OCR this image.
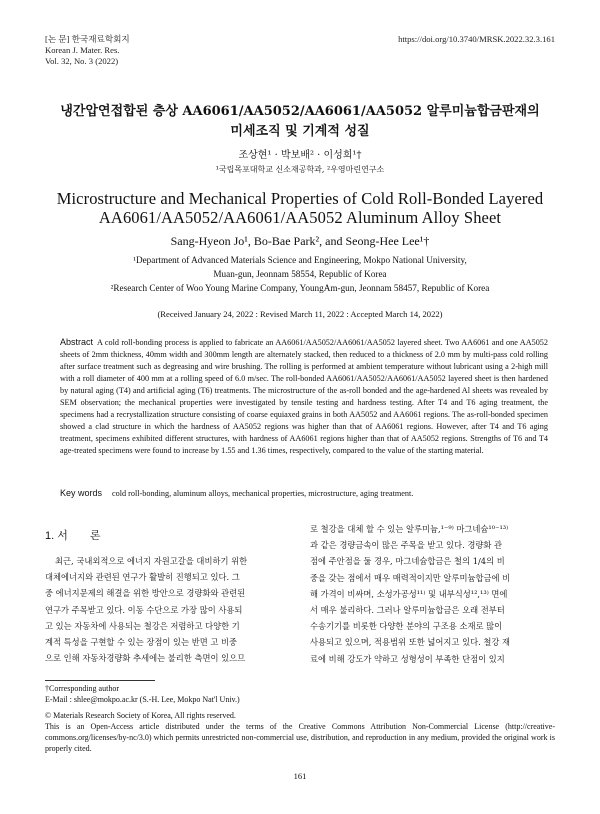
[논 문] 한국재료학회지
Korean J. Mater. Res.
Vol. 32, No. 3 (2022)
https://doi.org/10.3740/MRSK.2022.32.3.161
냉간압연접합된 층상 AA6061/AA5052/AA6061/AA5052 알루미늄합금판재의
미세조직 및 기계적 성질
조상현¹ · 박보배² · 이성희¹†
¹국립목포대학교 신소재공학과, ²우영마린연구소
Microstructure and Mechanical Properties of Cold Roll-Bonded Layered
AA6061/AA5052/AA6061/AA5052 Aluminum Alloy Sheet
Sang-Hyeon Jo¹, Bo-Bae Park², and Seong-Hee Lee¹†
¹Department of Advanced Materials Science and Engineering, Mokpo National University,
Muan-gun, Jeonnam 58554, Republic of Korea
²Research Center of Woo Young Marine Company, YoungAm-gun, Jeonnam 58457, Republic of Korea
(Received January 24, 2022 : Revised March 11, 2022 : Accepted March 14, 2022)
Abstract A cold roll-bonding process is applied to fabricate an AA6061/AA5052/AA6061/AA5052 layered sheet. Two AA6061 and one AA5052 sheets of 2mm thickness, 40mm width and 300mm length are alternately stacked, then reduced to a thickness of 2.0 mm by multi-pass cold rolling after surface treatment such as degreasing and wire brushing. The rolling is performed at ambient temperature without lubricant using a 2-high mill with a roll diameter of 400 mm at a rolling speed of 6.0 m/sec. The roll-bonded AA6061/AA5052/AA6061/AA5052 layered sheet is then hardened by natural aging (T4) and artificial aging (T6) treatments. The microstructure of the as-roll bonded and the age-hardened Al sheets was revealed by SEM observation; the mechanical properties were investigated by tensile testing and hardness testing. After T4 and T6 aging treatment, the specimens had a recrystallization structure consisting of coarse equiaxed grains in both AA5052 and AA6061 regions. The as-roll-bonded specimen showed a clad structure in which the hardness of AA5052 regions was higher than that of AA6061 regions. However, after T4 and T6 aging treatment, specimens exhibited different structures, with hardness of AA6061 regions higher than that of AA5052 regions. Strengths of T6 and T4 age-treated specimens were found to increase by 1.55 and 1.36 times, respectively, compared to the value of the starting material.
Key words cold roll-bonding, aluminum alloys, mechanical properties, microstructure, aging treatment.
1. 서　　론
최근, 국내외적으로 에너지 자원고갈을 대비하기 위한
대체에너지와 관련된 연구가 활발히 진행되고 있다. 그
중 에너지문제의 해결을 위한 방안으로 경량화와 관련된
연구가 주목받고 있다. 이동 수단으로 가장 많이 사용되
고 있는 자동차에 사용되는 철강은 저렴하고 다양한 기
계적 특성을 구현할 수 있는 장점이 있는 반면 고 비중
으로 인해 자동차경량화 추세에는 불리한 측면이 있으므
로 철강을 대체 할 수 있는 알루미늄,¹⁻⁹⁾ 마그네슘¹⁰⁻¹³⁾
과 같은 경량금속이 많은 주목을 받고 있다. 경량화 관
점에 주안점을 둘 경우, 마그네슘합금은 철의 1/4의 비
중을 갖는 점에서 매우 매력적이지만 알루미늄합금에 비
해 가격이 비싸며, 소성가공성¹¹⁾ 및 내부식성¹²,¹³⁾ 면에
서 매우 불리하다. 그러나 알루미늄합금은 오래 전부터
수송기기를 비롯한 다양한 분야의 구조용 소재로 많이
사용되고 있으며, 적용범위 또한 넓어지고 있다. 철강 재
료에 비해 강도가 약하고 성형성이 부족한 단점이 있지
†Corresponding author
E-Mail : shlee@mokpo.ac.kr (S.-H. Lee, Mokpo Nat'l Univ.)
© Materials Research Society of Korea, All rights reserved.
This is an Open-Access article distributed under the terms of the Creative Commons Attribution Non-Commercial License (http://creative-commons.org/licenses/by-nc/3.0) which permits unrestricted non-commercial use, distribution, and reproduction in any medium, provided the original work is properly cited.
161
